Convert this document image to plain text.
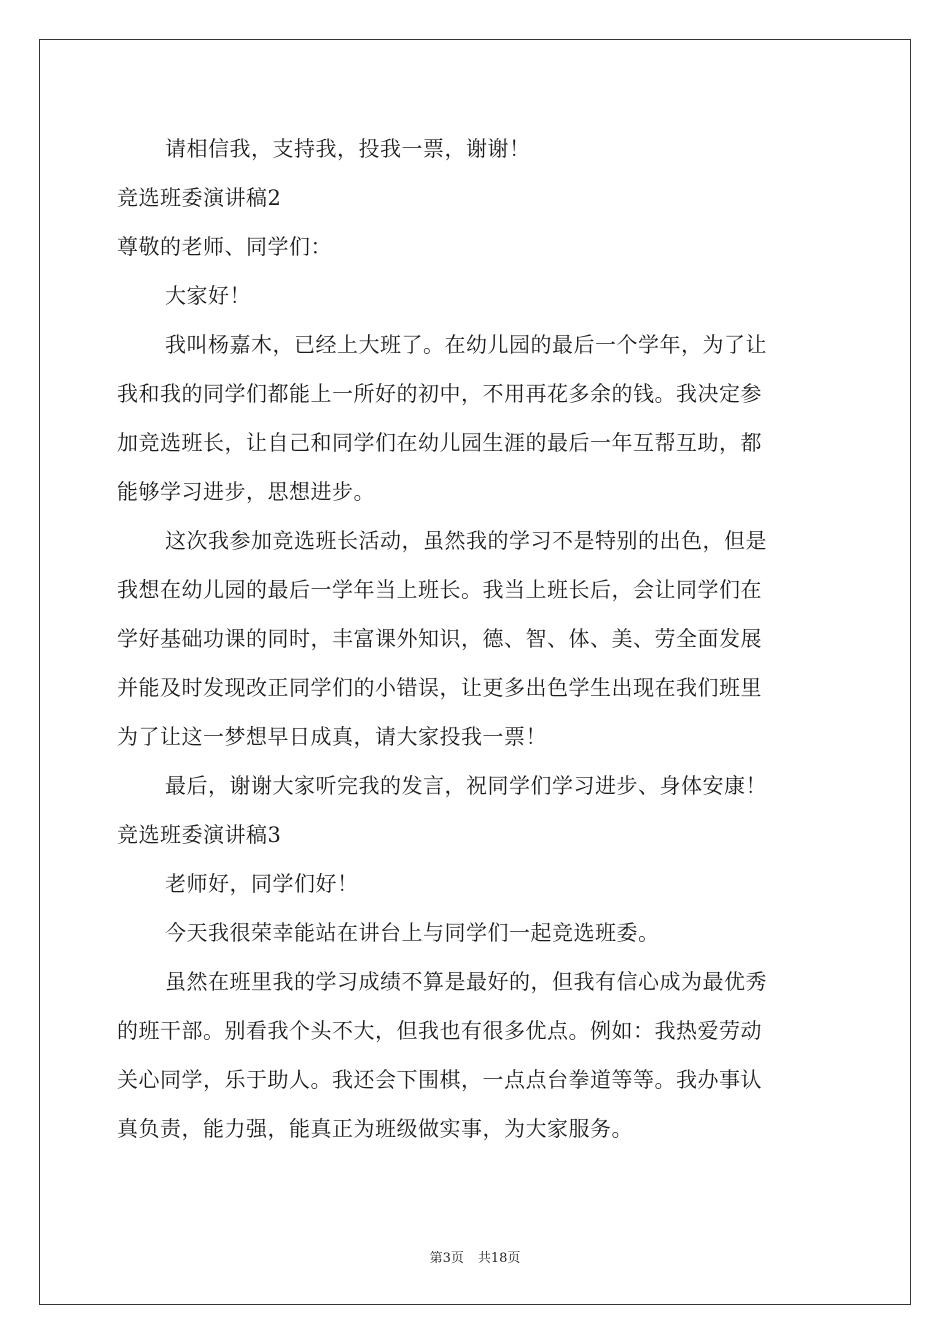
请相信我，支持我，投我一票，谢谢！
竞选班委演讲稿2
尊敬的老师、同学们：
大家好！
我叫杨嘉木，已经上大班了。在幼儿园的最后一个学年，为了让
我和我的同学们都能上一所好的初中，不用再花多余的钱。我决定参
加竞选班长，让自己和同学们在幼儿园生涯的最后一年互帮互助，都
能够学习进步，思想进步。
这次我参加竞选班长活动，虽然我的学习不是特别的出色，但是
我想在幼儿园的最后一学年当上班长。我当上班长后，会让同学们在
学好基础功课的同时，丰富课外知识，德、智、体、美、劳全面发展
并能及时发现改正同学们的小错误，让更多出色学生出现在我们班里
为了让这一梦想早日成真，请大家投我一票！
最后，谢谢大家听完我的发言，祝同学们学习进步、身体安康！
竞选班委演讲稿3
老师好，同学们好！
今天我很荣幸能站在讲台上与同学们一起竞选班委。
虽然在班里我的学习成绩不算是最好的，但我有信心成为最优秀
的班干部。别看我个头不大，但我也有很多优点。例如：我热爱劳动
关心同学，乐于助人。我还会下围棋，一点点台拳道等等。我办事认
真负责，能力强，能真正为班级做实事，为大家服务。
第3页 共18页
